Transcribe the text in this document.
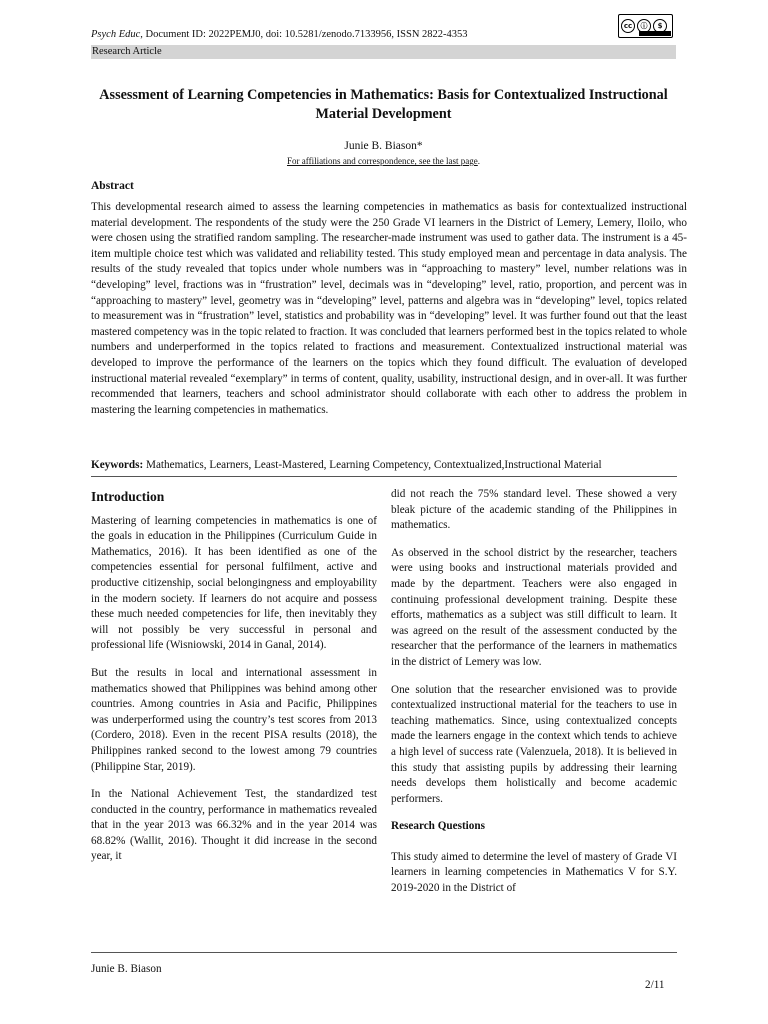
Psych Educ, Document ID: 2022PEMJ0, doi: 10.5281/zenodo.7133956, ISSN 2822-4353
Research Article
cc	ⓘ	$
Assessment of Learning Competencies in Mathematics: Basis for Contextualized Instructional Material Development
Junie B. Biason*
For affiliations and correspondence, see the last page.
Abstract

This developmental research aimed to assess the learning competencies in mathematics as basis for contextualized instructional material development. The respondents of the study were the 250 Grade VI learners in the District of Lemery, Lemery, Iloilo, who were chosen using the stratified random sampling. The researcher-made instrument was used to gather data. The instrument is a 45-item multiple choice test which was validated and reliability tested. This study employed mean and percentage in data analysis. The results of the study revealed that topics under whole numbers was in “approaching to mastery” level, number relations was in “developing” level, fractions was in “frustration” level, decimals was in “developing” level, ratio, proportion, and percent was in “approaching to mastery” level, geometry was in “developing” level, patterns and algebra was in “developing” level, topics related to measurement was in “frustration” level, statistics and probability was in “developing” level. It was further found out that the least mastered competency was in the topic related to fraction. It was concluded that learners performed best in the topics related to whole numbers and underperformed in the topics related to fractions and measurement. Contextualized instructional material was developed to improve the performance of the learners on the topics which they found difficult. The evaluation of developed instructional material revealed “exemplary” in terms of content, quality, usability, instructional design, and in over-all. It was further recommended that learners, teachers and school administrator should collaborate with each other to address the problem in mastering the learning competencies in mathematics.

Keywords: Mathematics, Learners, Least-Mastered, Learning Competency, Contextualized,Instructional Material
Introduction

Mastering of learning competencies in mathematics is one of the goals in education in the Philippines (Curriculum Guide in Mathematics, 2016). It has been identified as one of the competencies essential for personal fulfilment, active and productive citizenship, social belongingness and employability in the modern society. If learners do not acquire and possess these much needed competencies for life, then inevitably they will not possibly be very successful in personal and professional life (Wisniowski, 2014 in Ganal, 2014).

But the results in local and international assessment in mathematics showed that Philippines was behind among other countries. Among countries in Asia and Pacific, Philippines was underperformed using the country’s test scores from 2013 (Cordero, 2018). Even in the recent PISA results (2018), the Philippines ranked second to the lowest among 79 countries (Philippine Star, 2019).

In the National Achievement Test, the standardized test conducted in the country, performance in mathematics revealed that in the year 2013 was 66.32% and in the year 2014 was 68.82% (Wallit, 2016). Thought it did increase in the second year, it

did not reach the 75% standard level. These showed a very bleak picture of the academic standing of the Philippines in mathematics.

As observed in the school district by the researcher, teachers were using books and instructional materials provided and made by the department. Teachers were also engaged in continuing professional development training. Despite these efforts, mathematics as a subject was still difficult to learn. It was agreed on the result of the assessment conducted by the researcher that the performance of the learners in mathematics in the district of Lemery was low.

One solution that the researcher envisioned was to provide contextualized instructional material for the teachers to use in teaching mathematics. Since, using contextualized concepts made the learners engage in the context which tends to achieve a high level of success rate (Valenzuela, 2018). It is believed in this study that assisting pupils by addressing their learning needs develops them holistically and become academic performers.

Research Questions

This study aimed to determine the level of mastery of Grade VI learners in learning competencies in Mathematics V for S.Y. 2019-2020 in the District of

Junie B. Biason
2/11
